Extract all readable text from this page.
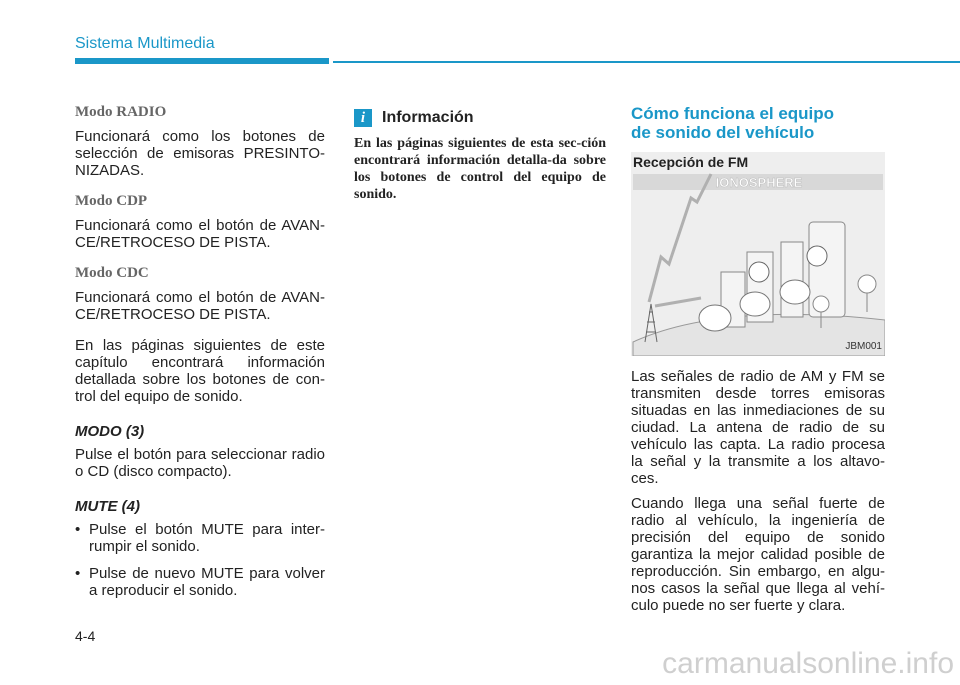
Sistema Multimedia
Modo RADIO

Funcionará como los botones de selección de emisoras PRESINTO-NIZADAS.

Modo CDP

Funcionará como el botón de AVAN-CE/RETROCESO DE PISTA.

Modo CDC

Funcionará como el botón de AVAN-CE/RETROCESO DE PISTA.

En las páginas siguientes de este capítulo encontrará información detallada sobre los botones de con-trol del equipo de sonido.

MODO (3)

Pulse el botón para seleccionar radio o CD (disco compacto).

MUTE (4)
• Pulse el botón MUTE para inter-rumpir el sonido.
• Pulse de nuevo MUTE para volver a reproducir el sonido.
i	Información

En las páginas siguientes de esta sec-ción encontrará información detalla-da sobre los botones de control del equipo de sonido.

Cómo funciona el equipo
de sonido del vehículo
IONOSPHERE
Recepción de FM
JBM001

Las señales de radio de AM y FM se transmiten desde torres emisoras situadas en las inmediaciones de su ciudad. La antena de radio de su vehículo las capta. La radio procesa la señal y la transmite a los altavo-ces.

Cuando llega una señal fuerte de radio al vehículo, la ingeniería de precisión del equipo de sonido garantiza la mejor calidad posible de reproducción. Sin embargo, en algu-nos casos la señal que llega al vehí-culo puede no ser fuerte y clara.

4-4
carmanualsonline.info
